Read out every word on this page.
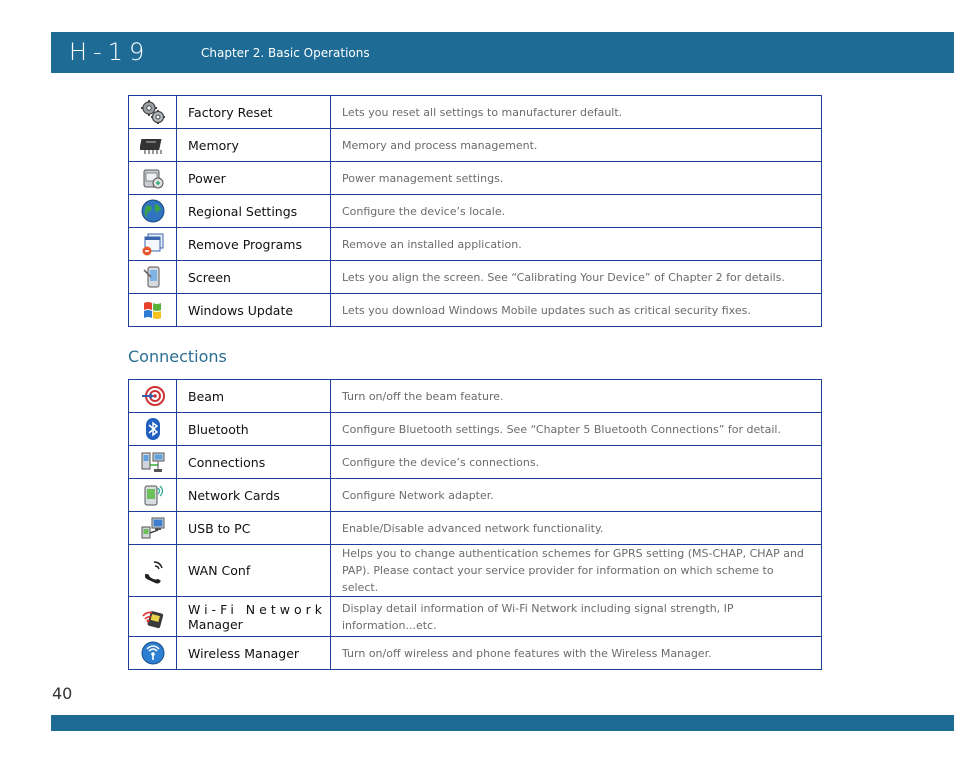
H-19	Chapter 2. Basic Operations
	Factory Reset	Lets you reset all settings to manufacturer default.

	Memory	Memory and process management.

	Power	Power management settings.

	Regional Settings	Configure the device’s locale.

	Remove Programs	Remove an installed application.

	Screen	Lets you align the screen. See “Calibrating Your Device” of Chapter 2 for details.

	Windows Update	Lets you download Windows Mobile updates such as critical security fixes.
Connections
	Beam	Turn on/off the beam feature.

	Bluetooth	Configure Bluetooth settings. See “Chapter 5 Bluetooth Connections” for detail.

	Connections	Configure the device’s connections.

	Network Cards	Configure Network adapter.

	USB to PC	Enable/Disable advanced network functionality.

	WAN Conf	Helps you to change authentication schemes for GPRS setting (MS-CHAP, CHAP and PAP). Please contact your service provider for information on which scheme to select.

Wi-Fi Network
Manager	Display detail information of Wi-Fi Network including signal strength, IP information...etc.

	Wireless Manager	Turn on/off wireless and phone features with the Wireless Manager.
40
